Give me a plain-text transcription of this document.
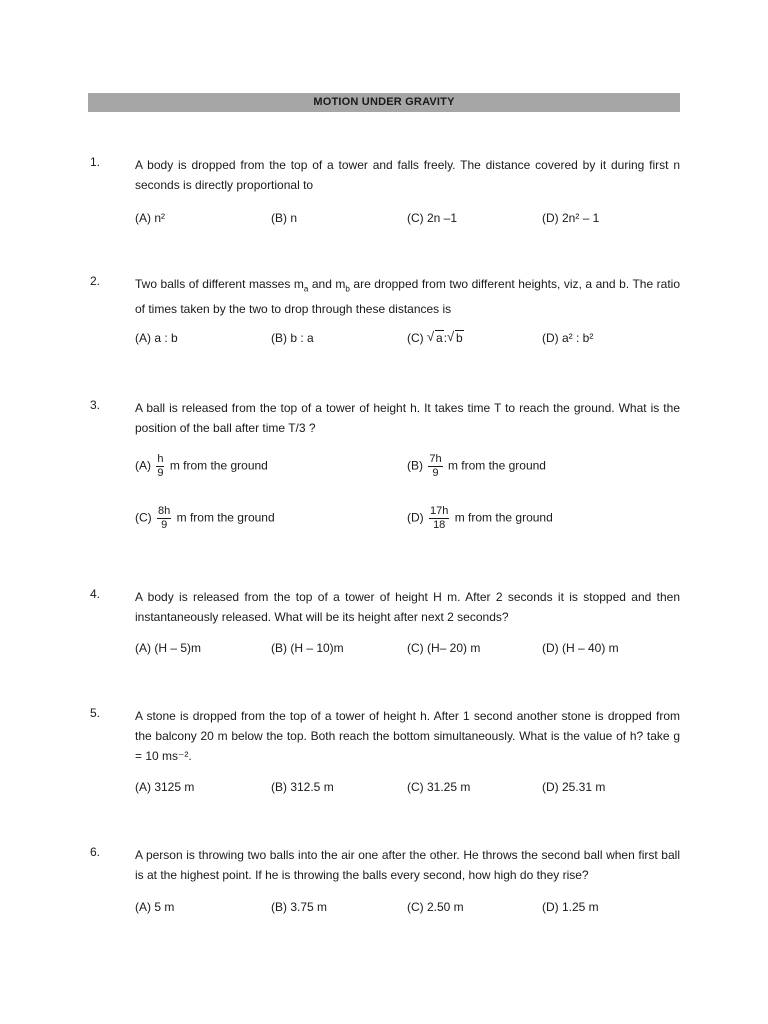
MOTION UNDER GRAVITY
1.	A body is dropped from the top of a tower and falls freely. The distance covered by it during first n seconds is directly proportional to
(A) n²	(B) n	(C) 2n –1	(D) 2n² – 1
2.	Two balls of different masses $m_a$ and $m_b$ are dropped from two different heights, viz, a and b. The ratio of times taken by the two to drop through these distances is
(A) a : b	(B) b : a	(C) √ a: √ b	(D) a² : b²
3.	A ball is released from the top of a tower of height h. It takes time T to reach the ground. What is the position of the ball after time T/3 ?
$(A) \frac{h}{9}$ m from the ground	$(B) \frac{7h}{9}$ m from the ground
$(C) \frac{8h}{9}$ m from the ground	$(D) \frac{17h}{18}$ m from the ground
4.	A body is released from the top of a tower of height H m. After 2 seconds it is stopped and then instantaneously released. What will be its height after next 2 seconds?
(A) (H – 5)m	(B) (H – 10)m	(C) (H– 20) m	(D) (H – 40) m
5.	A stone is dropped from the top of a tower of height h. After 1 second another stone is dropped from the balcony 20 m below the top. Both reach the bottom simultaneously. What is the value of h? take g = 10 ms⁻².
(A) 3125 m	(B) 312.5 m	(C) 31.25 m	(D) 25.31 m
6.	A person is throwing two balls into the air one after the other. He throws the second ball when first ball is at the highest point. If he is throwing the balls every second, how high do they rise?
(A) 5 m	(B) 3.75 m	(C) 2.50 m	(D) 1.25 m
